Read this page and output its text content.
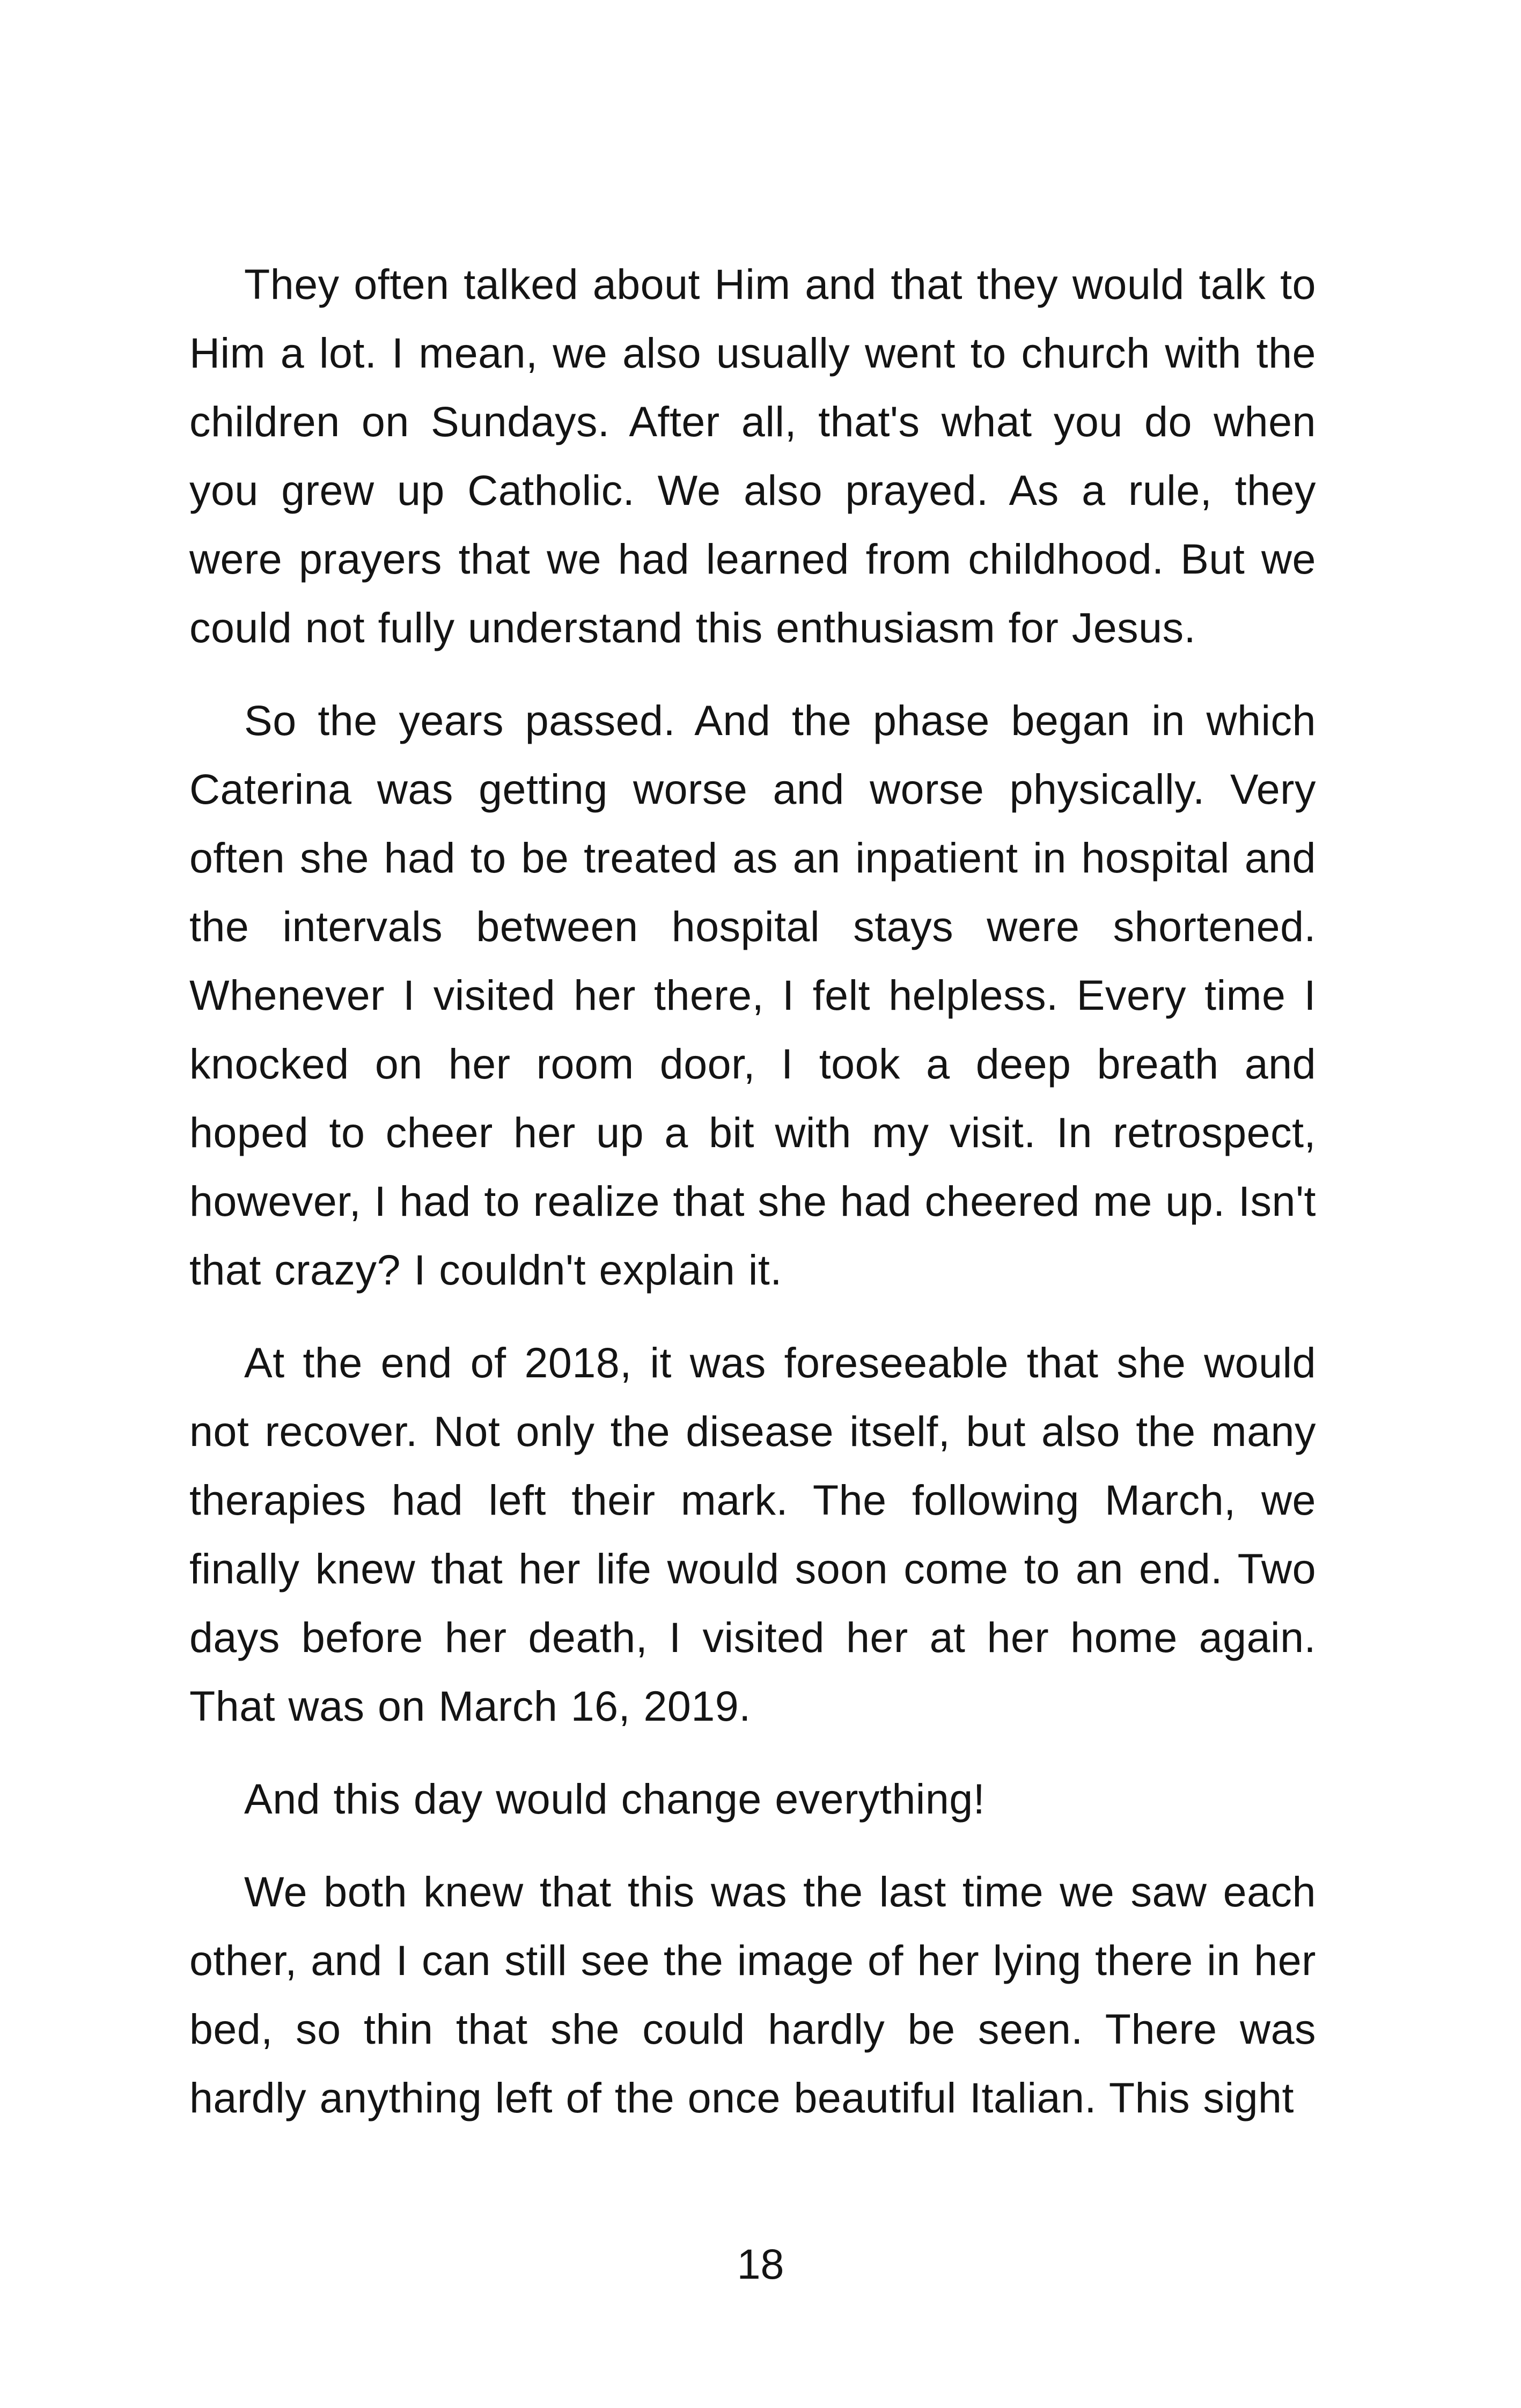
They often talked about Him and that they would talk to Him a lot. I mean, we also usually went to church with the children on Sundays. After all, that's what you do when you grew up Catholic. We also prayed. As a rule, they were prayers that we had learned from childhood. But we could not fully understand this enthusiasm for Jesus.

So the years passed. And the phase began in which Caterina was getting worse and worse physically. Very often she had to be treated as an inpatient in hospital and the intervals between hospital stays were shortened. Whenever I visited her there, I felt helpless. Every time I knocked on her room door, I took a deep breath and hoped to cheer her up a bit with my visit. In retrospect, however, I had to realize that she had cheered me up. Isn't that crazy? I couldn't explain it.

At the end of 2018, it was foreseeable that she would not recover. Not only the disease itself, but also the many therapies had left their mark. The following March, we finally knew that her life would soon come to an end. Two days before her death, I visited her at her home again. That was on March 16, 2019.

And this day would change everything!

We both knew that this was the last time we saw each other, and I can still see the image of her lying there in her bed, so thin that she could hardly be seen. There was hardly anything left of the once beautiful Italian. This sight

18
